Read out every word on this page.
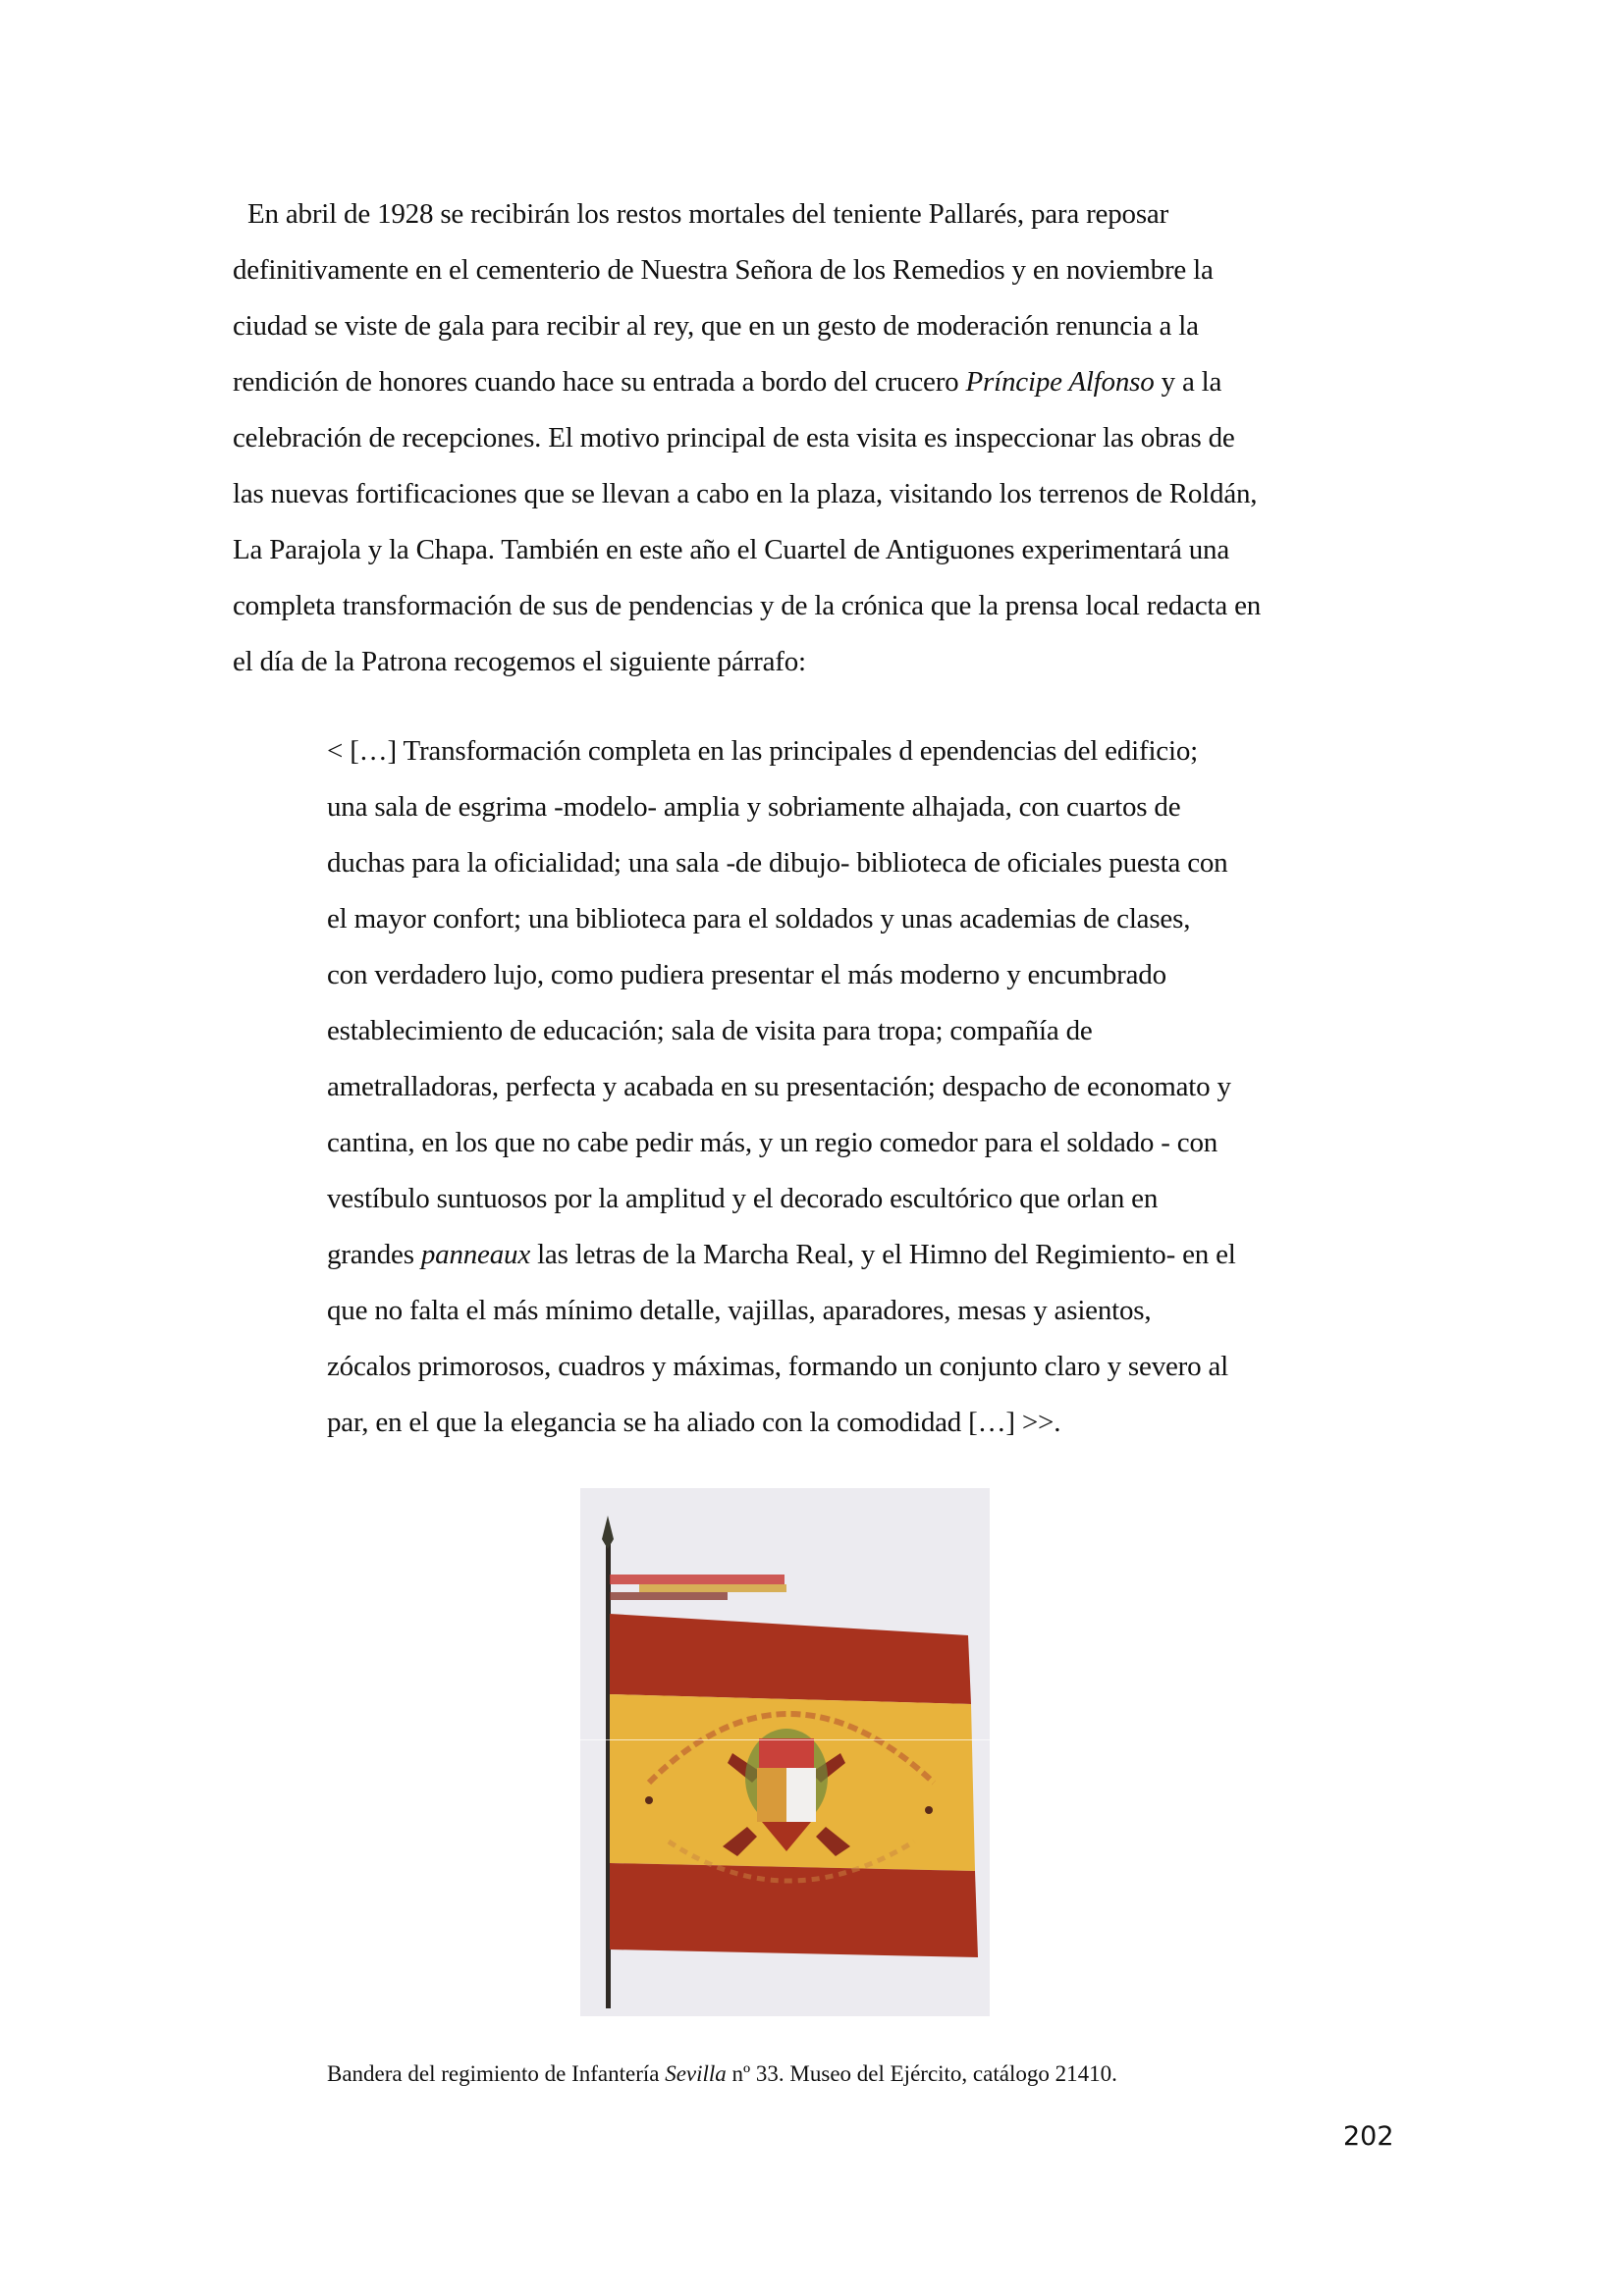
En abril de 1928 se recibirán los restos mortales del teniente Pallarés, para reposar
definitivamente en el cementerio de Nuestra Señora de los Remedios y en noviembre la
ciudad se viste de gala para recibir al rey, que en un gesto de moderación renuncia a la
rendición de honores cuando hace su entrada a bordo del crucero Príncipe Alfonso y a la
celebración de recepciones. El motivo principal de esta visita es inspeccionar las obras de
las nuevas fortificaciones que se llevan a cabo en la plaza, visitando los terrenos de Roldán,
La Parajola y la Chapa. También en este año el Cuartel de Antiguones experimentará una
completa transformación de sus de pendencias y de la crónica que la prensa local redacta en
el día de la Patrona recogemos el siguiente párrafo:
< […] Transformación completa en las principales d ependencias del edificio;
una sala de esgrima -modelo- amplia y sobriamente alhajada, con cuartos de
duchas para la oficialidad; una sala -de dibujo- biblioteca de oficiales puesta con
el mayor confort; una biblioteca para el soldados y unas academias de clases,
con verdadero lujo, como pudiera presentar el más moderno y encumbrado
establecimiento de educación; sala de visita para tropa; compañía de
ametralladoras, perfecta y acabada en su presentación; despacho de economato y
cantina, en los que no cabe pedir más, y un regio comedor para el soldado - con
vestíbulo suntuosos por la amplitud y el decorado escultórico que orlan en
grandes panneaux las letras de la Marcha Real, y el Himno del Regimiento- en el
que no falta el más mínimo detalle, vajillas, aparadores, mesas y asientos,
zócalos primorosos, cuadros y máximas, formando un conjunto claro y severo al
par, en el que la elegancia se ha aliado con la comodidad […] >>.
Bandera del regimiento de Infantería Sevilla nº 33. Museo del Ejército, catálogo 21410.
202
